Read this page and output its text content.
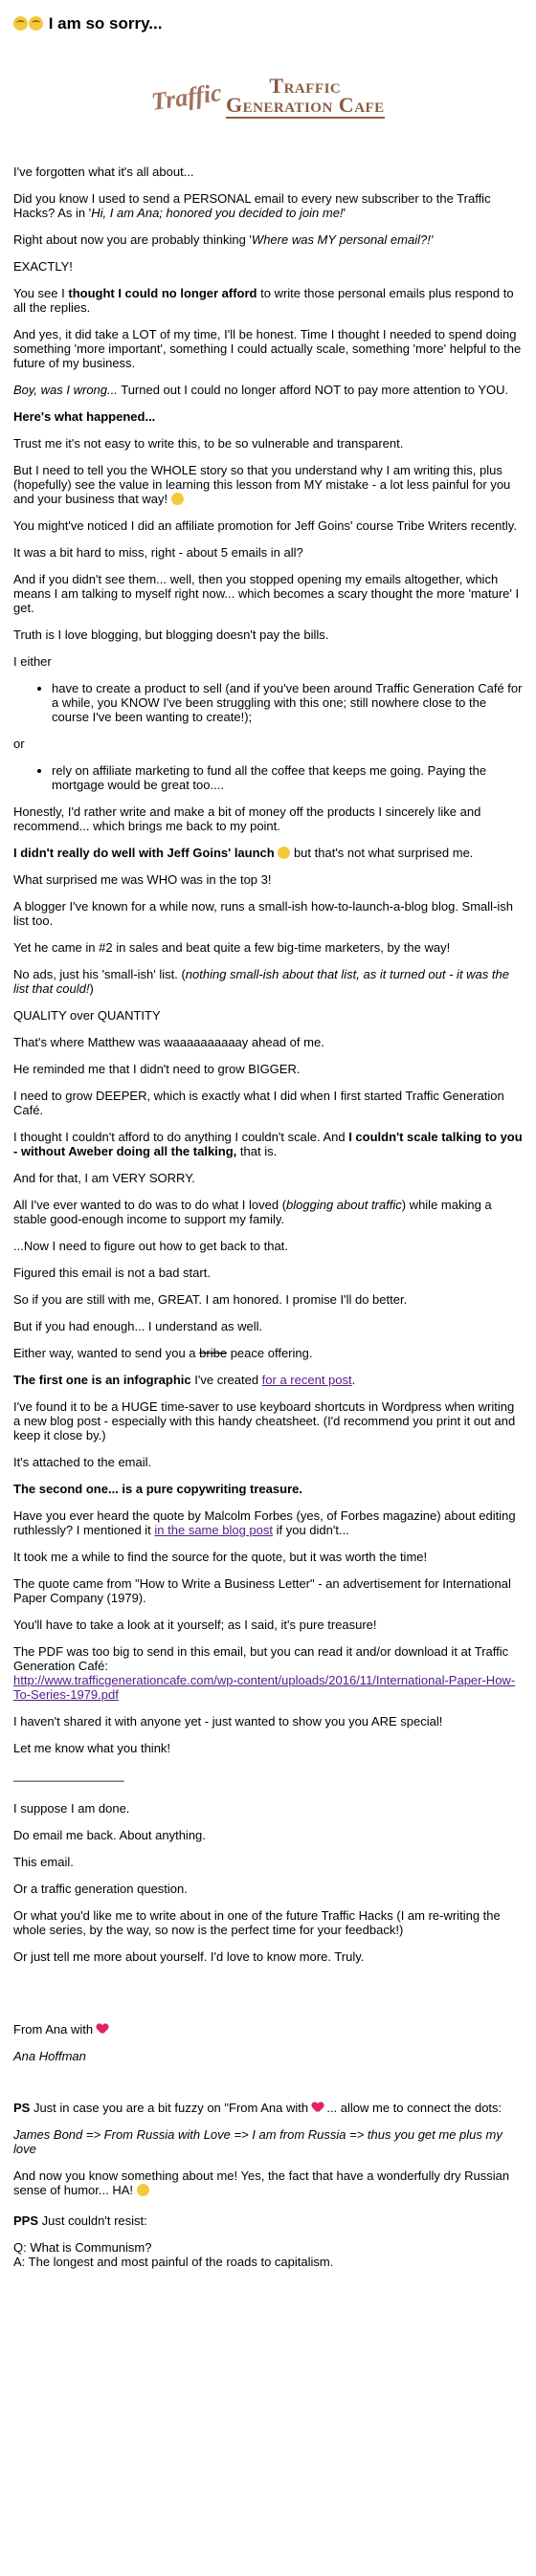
I am so sorry...
Traffic	Traffic
Generation Cafe

I've forgotten what it's all about...

Did you know I used to send a PERSONAL email to every new subscriber to the Traffic Hacks? As in 'Hi, I am Ana; honored you decided to join me!'

Right about now you are probably thinking 'Where was MY personal email?!'

EXACTLY!

You see I thought I could no longer afford to write those personal emails plus respond to all the replies.

And yes, it did take a LOT of my time, I'll be honest. Time I thought I needed to spend doing something 'more important', something I could actually scale, something 'more' helpful to the future of my business.

Boy, was I wrong... Turned out I could no longer afford NOT to pay more attention to YOU.

Here's what happened...

Trust me it's not easy to write this, to be so vulnerable and transparent.

But I need to tell you the WHOLE story so that you understand why I am writing this, plus (hopefully) see the value in learning this lesson from MY mistake - a lot less painful for you and your business that way!

You might've noticed I did an affiliate promotion for Jeff Goins' course Tribe Writers recently.

It was a bit hard to miss, right - about 5 emails in all?

And if you didn't see them... well, then you stopped opening my emails altogether, which means I am talking to myself right now... which becomes a scary thought the more 'mature' I get.

Truth is I love blogging, but blogging doesn't pay the bills.

I either

• have to create a product to sell (and if you've been around Traffic Generation Café for a while, you KNOW I've been struggling with this one; still nowhere close to the course I've been wanting to create!);

or

• rely on affiliate marketing to fund all the coffee that keeps me going. Paying the mortgage would be great too....

Honestly, I'd rather write and make a bit of money off the products I sincerely like and recommend... which brings me back to my point.

I didn't really do well with Jeff Goins' launch  but that's not what surprised me.

What surprised me was WHO was in the top 3!

A blogger I've known for a while now, runs a small-ish how-to-launch-a-blog blog. Small-ish list too.

Yet he came in #2 in sales and beat quite a few big-time marketers, by the way!

No ads, just his 'small-ish' list. (nothing small-ish about that list, as it turned out - it was the list that could!)

QUALITY over QUANTITY

That's where Matthew was waaaaaaaaaay ahead of me.

He reminded me that I didn't need to grow BIGGER.

I need to grow DEEPER, which is exactly what I did when I first started Traffic Generation Café.

I thought I couldn't afford to do anything I couldn't scale. And I couldn't scale talking to you - without Aweber doing all the talking, that is.

And for that, I am VERY SORRY.

All I've ever wanted to do was to do what I loved (blogging about traffic) while making a stable good-enough income to support my family.

...Now I need to figure out how to get back to that.

Figured this email is not a bad start.

So if you are still with me, GREAT. I am honored. I promise I'll do better.

But if you had enough... I understand as well.

Either way, wanted to send you a bribe peace offering.

The first one is an infographic I've created for a recent post.

I've found it to be a HUGE time-saver to use keyboard shortcuts in Wordpress when writing a new blog post - especially with this handy cheatsheet. (I'd recommend you print it out and keep it close by.)

It's attached to the email.

The second one... is a pure copywriting treasure.

Have you ever heard the quote by Malcolm Forbes (yes, of Forbes magazine) about editing ruthlessly? I mentioned it in the same blog post if you didn't...

It took me a while to find the source for the quote, but it was worth the time!

The quote came from "How to Write a Business Letter" - an advertisement for International Paper Company (1979).

You'll have to take a look at it yourself; as I said, it's pure treasure!

The PDF was too big to send in this email, but you can read it and/or download it at Traffic Generation Café:
http://www.trafficgenerationcafe.com/wp-content/uploads/2016/11/International-Paper-How-To-Series-1979.pdf

I haven't shared it with anyone yet - just wanted to show you you ARE special!

Let me know what you think!

________________

I suppose I am done.

Do email me back. About anything.

This email.

Or a traffic generation question.

Or what you'd like me to write about in one of the future Traffic Hacks (I am re-writing the whole series, by the way, so now is the perfect time for your feedback!)

Or just tell me more about yourself. I'd love to know more. Truly.

From Ana with

Ana Hoffman

PS Just in case you are a bit fuzzy on "From Ana with  ... allow me to connect the dots:

James Bond => From Russia with Love => I am from Russia => thus you get me plus my love

And now you know something about me! Yes, the fact that have a wonderfully dry Russian sense of humor... HA!

PPS Just couldn't resist:

Q: What is Communism?
A: The longest and most painful of the roads to capitalism.
